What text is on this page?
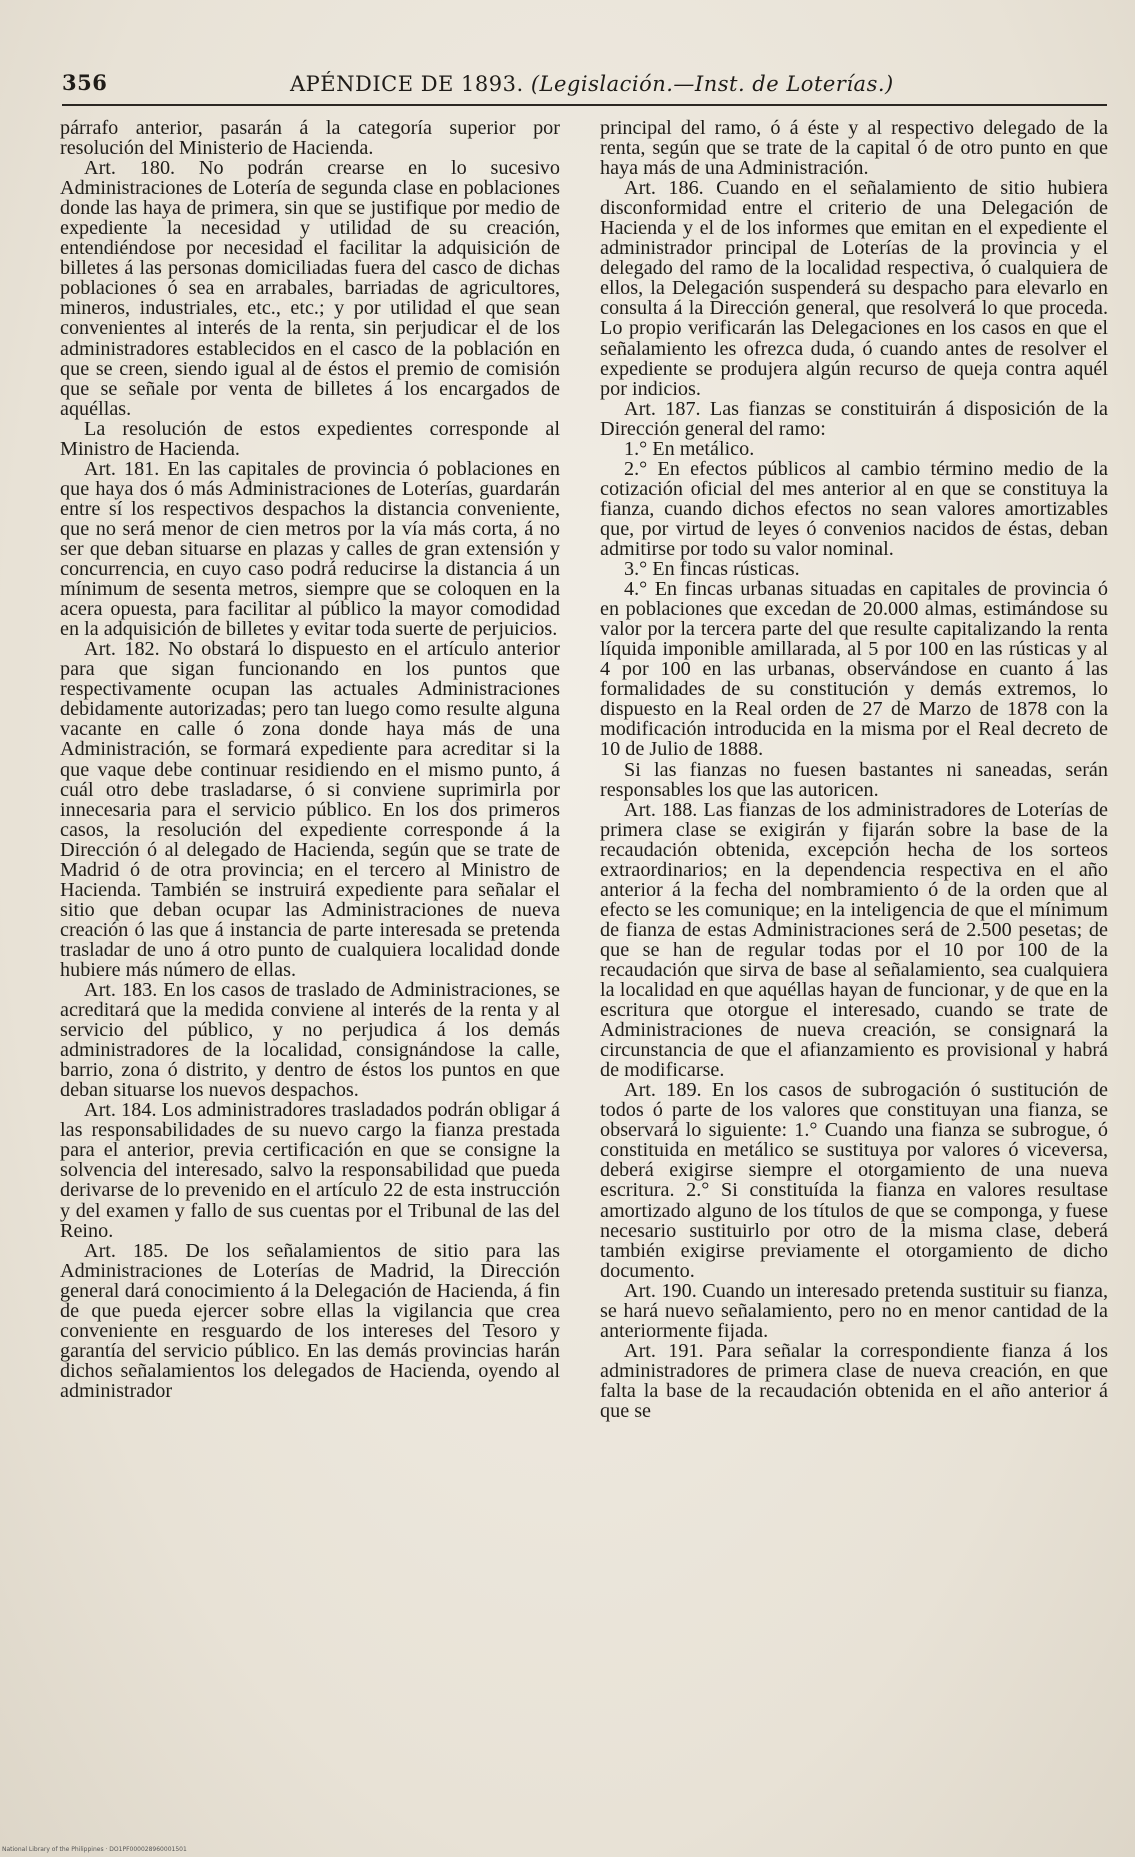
356	APÉNDICE DE 1893. (Legislación.—Inst. de Loterías.)

párrafo anterior, pasarán á la categoría superior por resolución del Ministerio de Hacienda.

Art. 180. No podrán crearse en lo sucesivo Administraciones de Lotería de segunda clase en poblaciones donde las haya de primera, sin que se justifique por medio de expediente la necesidad y utilidad de su creación, entendiéndose por necesidad el facilitar la adquisición de billetes á las personas domiciliadas fuera del casco de dichas poblaciones ó sea en arrabales, barriadas de agricultores, mineros, industriales, etc., etc.; y por utilidad el que sean convenientes al interés de la renta, sin perjudicar el de los administradores establecidos en el casco de la población en que se creen, siendo igual al de éstos el premio de comisión que se señale por venta de billetes á los encargados de aquéllas.

La resolución de estos expedientes corresponde al Ministro de Hacienda.

Art. 181. En las capitales de provincia ó poblaciones en que haya dos ó más Administraciones de Loterías, guardarán entre sí los respectivos despachos la distancia conveniente, que no será menor de cien metros por la vía más corta, á no ser que deban situarse en plazas y calles de gran extensión y concurrencia, en cuyo caso podrá reducirse la distancia á un mínimum de sesenta metros, siempre que se coloquen en la acera opuesta, para facilitar al público la mayor comodidad en la adquisición de billetes y evitar toda suerte de perjuicios.

Art. 182. No obstará lo dispuesto en el artículo anterior para que sigan funcionando en los puntos que respectivamente ocupan las actuales Administraciones debidamente autorizadas; pero tan luego como resulte alguna vacante en calle ó zona donde haya más de una Administración, se formará expediente para acreditar si la que vaque debe continuar residiendo en el mismo punto, á cuál otro debe trasladarse, ó si conviene suprimirla por innecesaria para el servicio público. En los dos primeros casos, la resolución del expediente corresponde á la Dirección ó al delegado de Hacienda, según que se trate de Madrid ó de otra provincia; en el tercero al Ministro de Hacienda. También se instruirá expediente para señalar el sitio que deban ocupar las Administraciones de nueva creación ó las que á instancia de parte interesada se pretenda trasladar de uno á otro punto de cualquiera localidad donde hubiere más número de ellas.

Art. 183. En los casos de traslado de Administraciones, se acreditará que la medida conviene al interés de la renta y al servicio del público, y no perjudica á los demás administradores de la localidad, consignándose la calle, barrio, zona ó distrito, y dentro de éstos los puntos en que deban situarse los nuevos despachos.

Art. 184. Los administradores trasladados podrán obligar á las responsabilidades de su nuevo cargo la fianza prestada para el anterior, previa certificación en que se consigne la solvencia del interesado, salvo la responsabilidad que pueda derivarse de lo prevenido en el artículo 22 de esta instrucción y del examen y fallo de sus cuentas por el Tribunal de las del Reino.

Art. 185. De los señalamientos de sitio para las Administraciones de Loterías de Madrid, la Dirección general dará conocimiento á la Delegación de Hacienda, á fin de que pueda ejercer sobre ellas la vigilancia que crea conveniente en resguardo de los intereses del Tesoro y garantía del servicio público. En las demás provincias harán dichos señalamientos los delegados de Hacienda, oyendo al administrador

principal del ramo, ó á éste y al respectivo delegado de la renta, según que se trate de la capital ó de otro punto en que haya más de una Administración.

Art. 186. Cuando en el señalamiento de sitio hubiera disconformidad entre el criterio de una Delegación de Hacienda y el de los informes que emitan en el expediente el administrador principal de Loterías de la provincia y el delegado del ramo de la localidad respectiva, ó cualquiera de ellos, la Delegación suspenderá su despacho para elevarlo en consulta á la Dirección general, que resolverá lo que proceda. Lo propio verificarán las Delegaciones en los casos en que el señalamiento les ofrezca duda, ó cuando antes de resolver el expediente se produjera algún recurso de queja contra aquél por indicios.

Art. 187. Las fianzas se constituirán á disposición de la Dirección general del ramo:

1.° En metálico.

2.° En efectos públicos al cambio término medio de la cotización oficial del mes anterior al en que se constituya la fianza, cuando dichos efectos no sean valores amortizables que, por virtud de leyes ó convenios nacidos de éstas, deban admitirse por todo su valor nominal.

3.° En fincas rústicas.

4.° En fincas urbanas situadas en capitales de provincia ó en poblaciones que excedan de 20.000 almas, estimándose su valor por la tercera parte del que resulte capitalizando la renta líquida imponible amillarada, al 5 por 100 en las rústicas y al 4 por 100 en las urbanas, observándose en cuanto á las formalidades de su constitución y demás extremos, lo dispuesto en la Real orden de 27 de Marzo de 1878 con la modificación introducida en la misma por el Real decreto de 10 de Julio de 1888.

Si las fianzas no fuesen bastantes ni saneadas, serán responsables los que las autoricen.

Art. 188. Las fianzas de los administradores de Loterías de primera clase se exigirán y fijarán sobre la base de la recaudación obtenida, excepción hecha de los sorteos extraordinarios; en la dependencia respectiva en el año anterior á la fecha del nombramiento ó de la orden que al efecto se les comunique; en la inteligencia de que el mínimum de fianza de estas Administraciones será de 2.500 pesetas; de que se han de regular todas por el 10 por 100 de la recaudación que sirva de base al señalamiento, sea cualquiera la localidad en que aquéllas hayan de funcionar, y de que en la escritura que otorgue el interesado, cuando se trate de Administraciones de nueva creación, se consignará la circunstancia de que el afianzamiento es provisional y habrá de modificarse.

Art. 189. En los casos de subrogación ó sustitución de todos ó parte de los valores que constituyan una fianza, se observará lo siguiente: 1.° Cuando una fianza se subrogue, ó constituida en metálico se sustituya por valores ó viceversa, deberá exigirse siempre el otorgamiento de una nueva escritura. 2.° Si constituída la fianza en valores resultase amortizado alguno de los títulos de que se componga, y fuese necesario sustituirlo por otro de la misma clase, deberá también exigirse previamente el otorgamiento de dicho documento.

Art. 190. Cuando un interesado pretenda sustituir su fianza, se hará nuevo señalamiento, pero no en menor cantidad de la anteriormente fijada.

Art. 191. Para señalar la correspondiente fianza á los administradores de primera clase de nueva creación, en que falta la base de la recaudación obtenida en el año anterior á que se

National Library of the Philippines · DO1PF000028960001501
